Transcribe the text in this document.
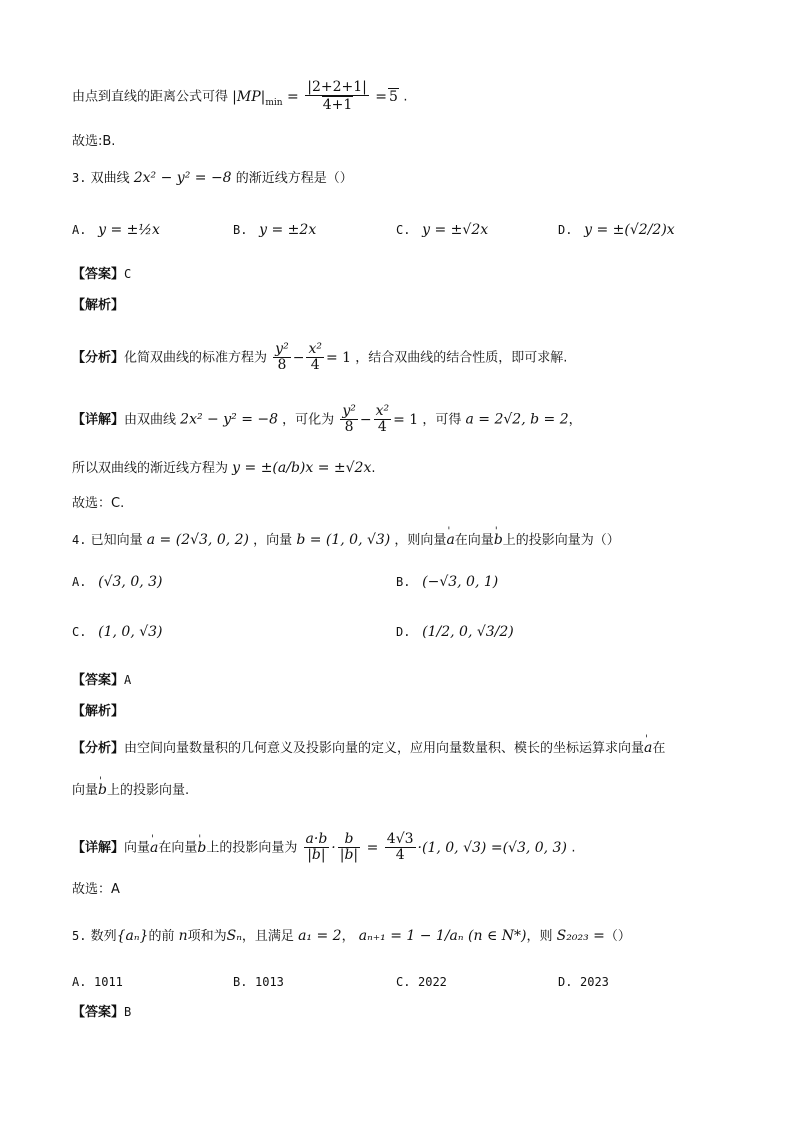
由点到直线的距离公式可得 $|MP|_{min} = \frac{|2+2+1|}{4+1} = 5$ .
故选:B.
3. 双曲线 2x² − y² = −8 的渐近线方程是（）
A. y = ±½x	B. y = ±2x	C. y = ±√2x	D. y = ±(√2/2)x
【答案】C
【解析】
【分析】化简双曲线的标准方程为 $\frac{\text{y²}}{8} - \frac{\text{x²}}{4} = 1$ ，结合双曲线的结合性质，即可求解.
【详解】由双曲线 2x² − y² = −8 ，可化为 $\frac{\text{y²}}{8} - \frac{\text{x²}}{4} = 1$ ，可得 a = 2√2, b = 2，
所以双曲线的渐近线方程为 y = ±(a/b)x = ±√2x.
故选：C.
4. 已知向量 a = (2√3, 0, 2) ，向量 b = (1, 0, √3) ，则向量' a在向量' b上的投影向量为（）
A. (√3, 0, 3)	B. (−√3, 0, 1)
C. (1, 0, √3)	D. (1/2, 0, √3/2)
【答案】A
【解析】
【分析】由空间向量数量积的几何意义及投影向量的定义，应用向量数量积、模长的坐标运算求向量' a在
向量' b上的投影向量.
【详解】向量' a在向量' b上的投影向量为 $\frac{a\cdot b}{|b|} \cdot \frac{b}{|b|} = \frac{4√3}{4} \cdot(1$, 0, √3) =(√3, 0, 3) .
故选：A
5. 数列{aₙ}的前 n项和为Sₙ，且满足 a₁ = 2， aₙ₊₁ = 1 − 1/aₙ (n ∈ N*)，则 S₂₀₂₃ =（）
A. 1011	B. 1013	C. 2022	D. 2023
【答案】B
